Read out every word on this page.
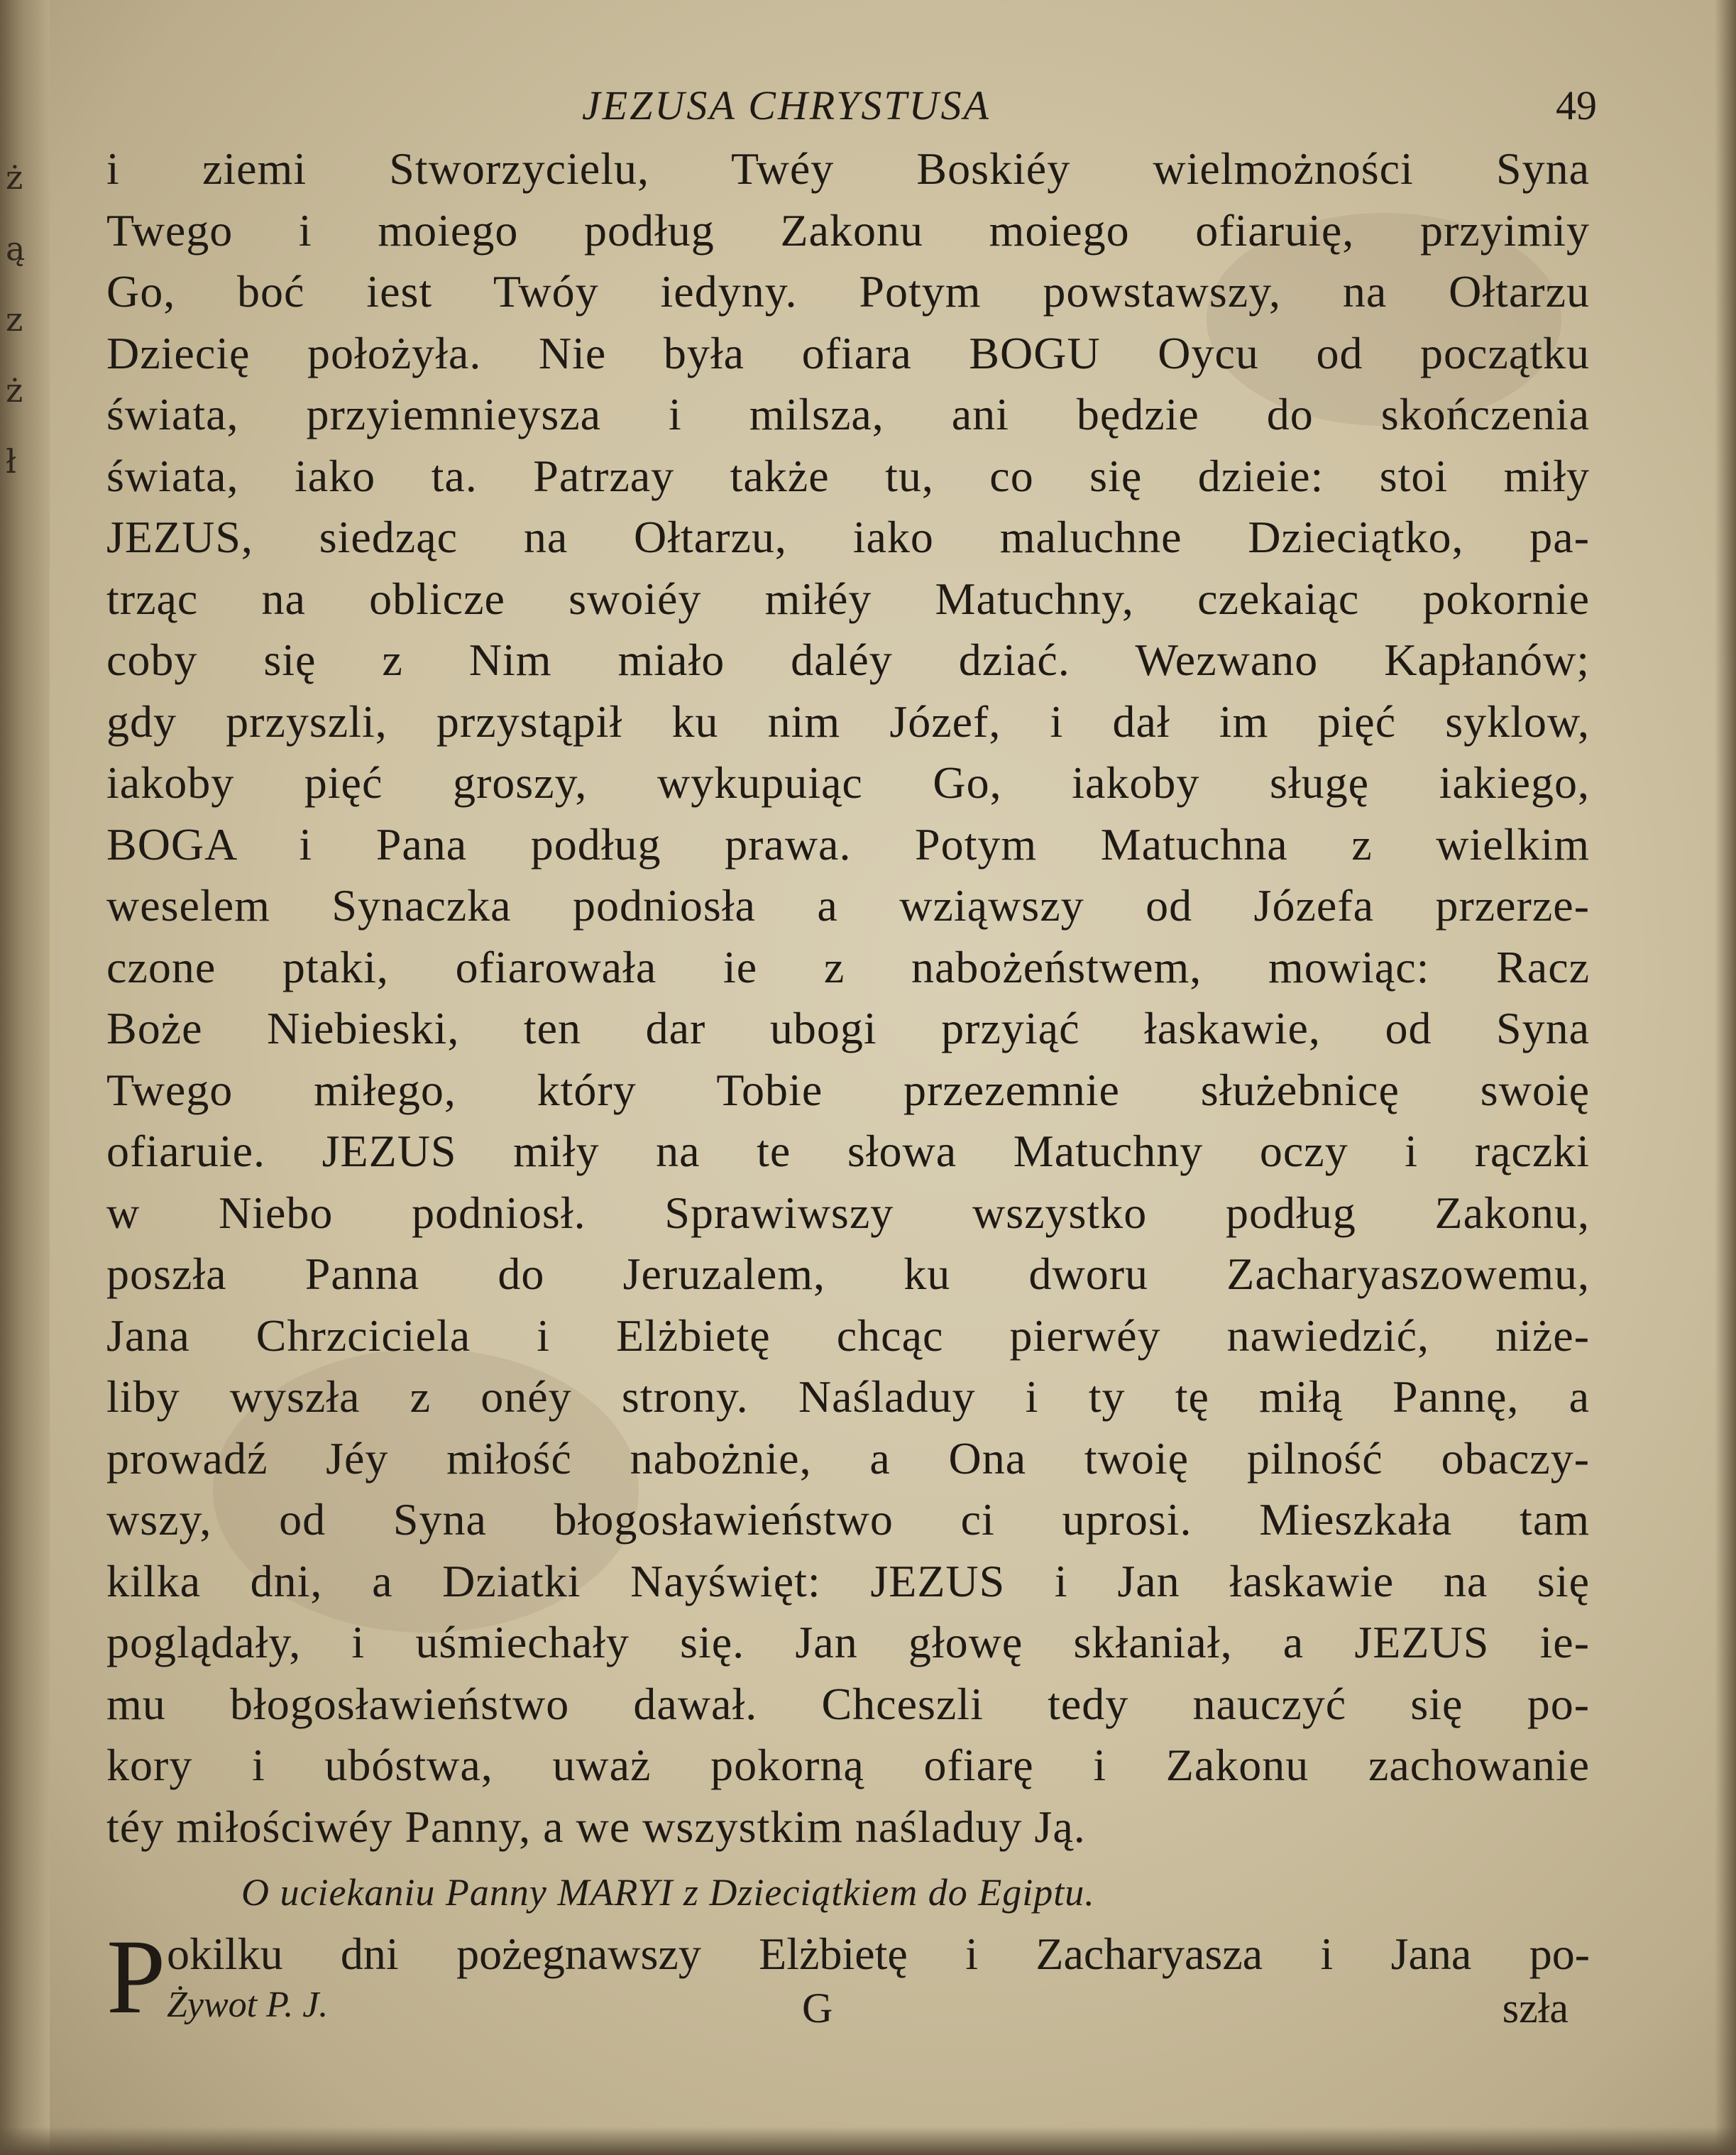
ż
ą
z
ż
ł
JEZUSA CHRYSTUSA	49
i ziemi Stworzycielu, Twéy Boskiéy wielmożności Syna
Twego i moiego podług Zakonu moiego ofiaruię, przyimiy
Go, boć iest Twóy iedyny. Potym powstawszy, na Ołtarzu
Dziecię położyła. Nie była ofiara BOGU Oycu od początku
świata, przyiemnieysza i milsza, ani będzie do skończenia
świata, iako ta. Patrzay także tu, co się dzieie: stoi miły
JEZUS, siedząc na Ołtarzu, iako maluchne Dzieciątko, pa-
trząc na oblicze swoiéy miłéy Matuchny, czekaiąc pokornie
coby się z Nim miało daléy dziać. Wezwano Kapłanów;
gdy przyszli, przystąpił ku nim Józef, i dał im pięć syklow,
iakoby pięć groszy, wykupuiąc Go, iakoby sługę iakiego,
BOGA i Pana podług prawa. Potym Matuchna z wielkim
weselem Synaczka podniosła a wziąwszy od Józefa przerze-
czone ptaki, ofiarowała ie z nabożeństwem, mowiąc: Racz
Boże Niebieski, ten dar ubogi przyiąć łaskawie, od Syna
Twego miłego, który Tobie przezemnie służebnicę swoię
ofiaruie. JEZUS miły na te słowa Matuchny oczy i rączki
w Niebo podniosł. Sprawiwszy wszystko podług Zakonu,
poszła Panna do Jeruzalem, ku dworu Zacharyaszowemu,
Jana Chrzciciela i Elżbietę chcąc pierwéy nawiedzić, niże-
liby wyszła z onéy strony. Naśladuy i ty tę miłą Pannę, a
prowadź Jéy miłość nabożnie, a Ona twoię pilność obaczy-
wszy, od Syna błogosławieństwo ci uprosi. Mieszkała tam
kilka dni, a Dziatki Nayświęt: JEZUS i Jan łaskawie na się
poglądały, i uśmiechały się. Jan głowę skłaniał, a JEZUS ie-
mu błogosławieństwo dawał. Chceszli tedy nauczyć się po-
kory i ubóstwa, uważ pokorną ofiarę i Zakonu zachowanie
téy miłościwéy Panny, a we wszystkim naśladuy Ją.
O uciekaniu Panny MARYI z Dzieciątkiem do Egiptu.
P okilku dni pożegnawszy Elżbietę i Zacharyasza i Jana po-
Żywot P. J.	G	szła
